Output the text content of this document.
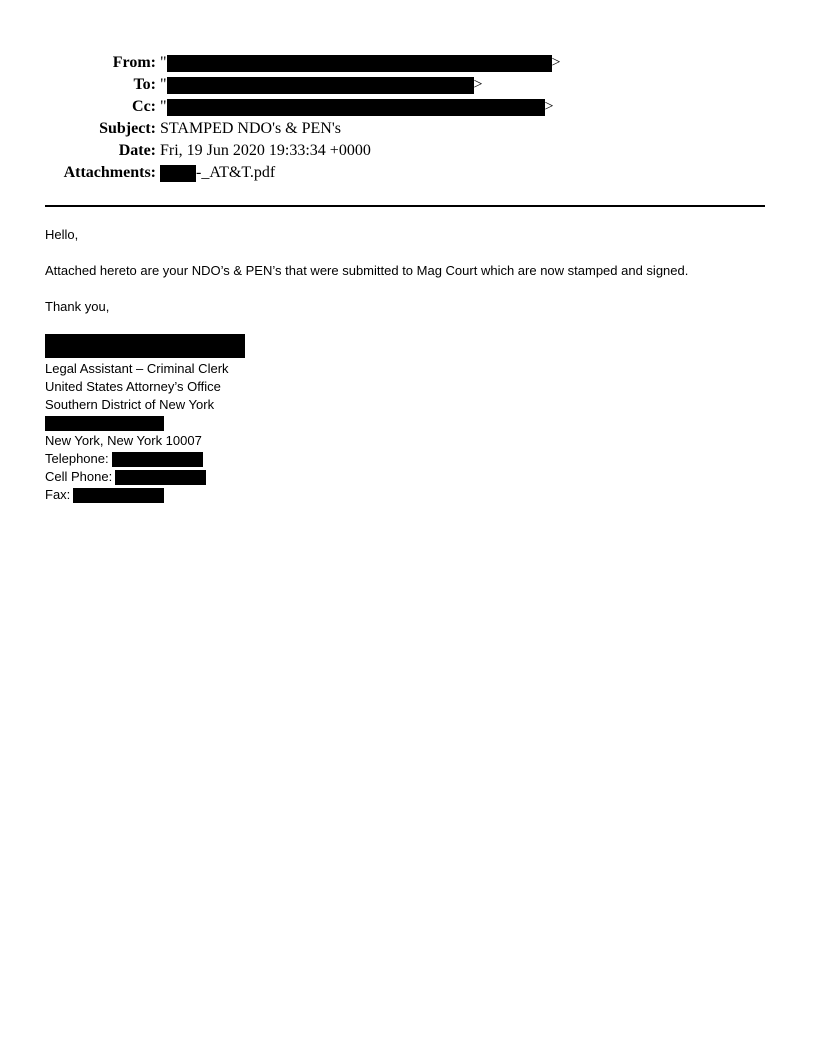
From: "	>
To: "	>
Cc: "	>
Subject: STAMPED NDO's & PEN's
Date: Fri, 19 Jun 2020 19:33:34 +0000
Attachments:	-_AT&T.pdf

Hello,

Attached hereto are your NDO’s & PEN’s that were submitted to Mag Court which are now stamped and signed.

Thank you,

Legal Assistant – Criminal Clerk

United States Attorney’s Office

Southern District of New York

New York, New York 10007

Telephone:

Cell Phone:

Fax:
